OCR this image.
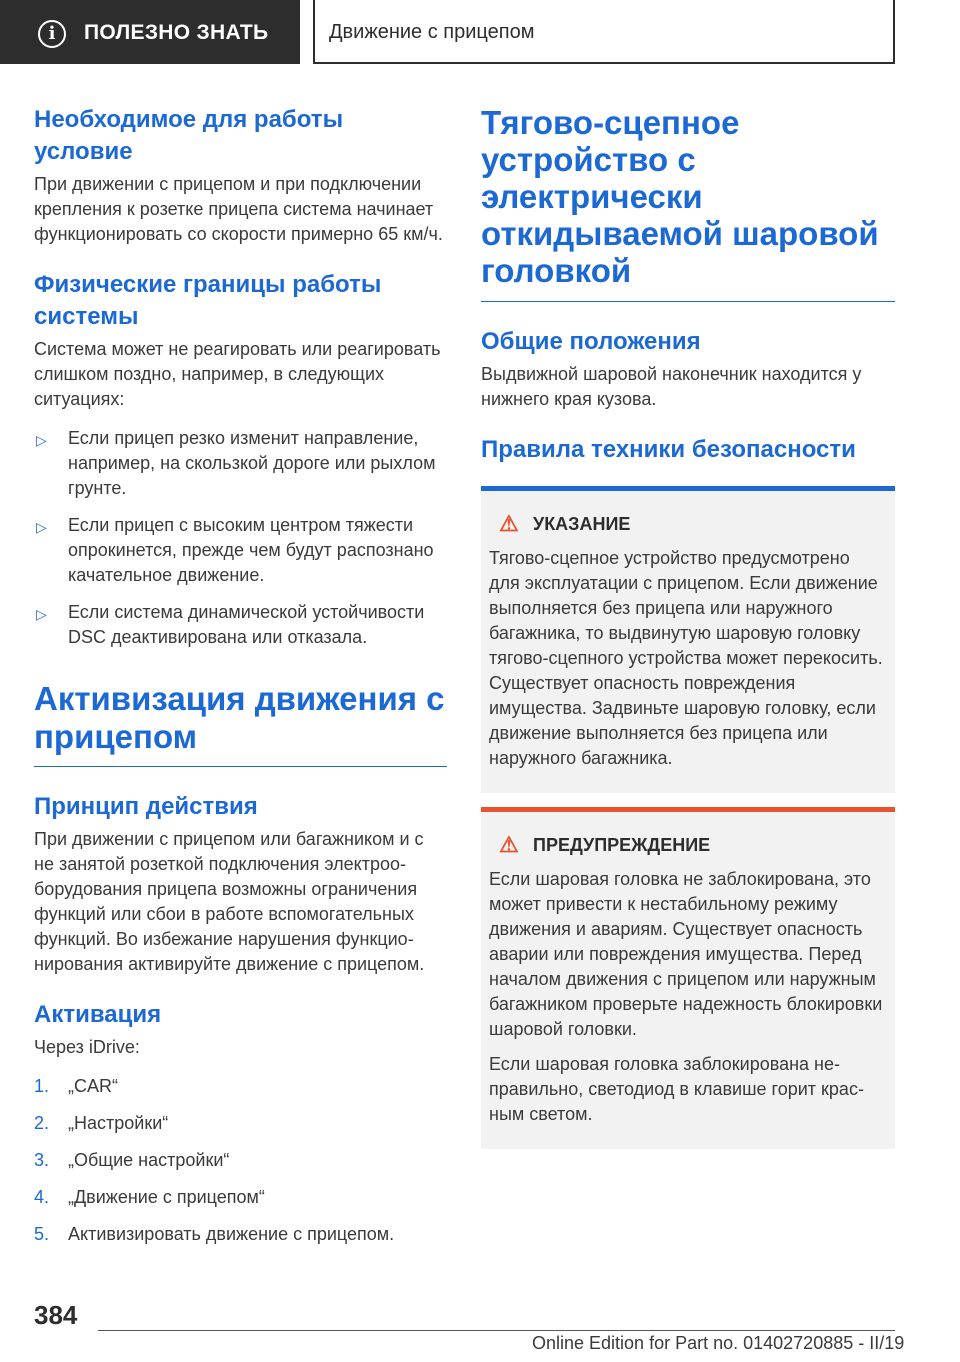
i	ПОЛЕЗНО ЗНАТЬ	Движение с прицепом
Необходимое для работы условие
При движении с прицепом и при подключении крепления к розетке прицепа система начинает функционировать со скорости примерно 65 км/ч.
Физические границы работы системы
Система может не реагировать или реагировать слишком поздно, например, в следующих ситуациях:
▷ Если прицеп резко изменит направление, например, на скользкой дороге или рыхлом грунте.
▷ Если прицеп с высоким центром тяжести опрокинется, прежде чем будут распознано качательное движение.
▷ Если система динамической устойчивости DSC деактивирована или отказала.
Активизация движения с прицепом
Принцип действия
При движении с прицепом или багажником и с не занятой розеткой подключения электрооборудования прицепа возможны ограничения функций или сбои в работе вспомогательных функций. Во избежание нарушения функционирования активируйте движение с прицепом.
Активация
Через iDrive:
1. „CAR“
2. „Настройки“
3. „Общие настройки“
4. „Движение с прицепом“
5. Активизировать движение с прицепом.
Тягово-сцепное устройство с электрически откидываемой шаровой головкой
Общие положения
Выдвижной шаровой наконечник находится у нижнего края кузова.
Правила техники безопасности
⚠ УКАЗАНИЕ
Тягово-сцепное устройство предусмотрено для эксплуатации с прицепом. Если движение выполняется без прицепа или наружного багажника, то выдвинутую шаровую головку тягово-сцепного устройства может перекосить. Существует опасность повреждения имущества. Задвиньте шаровую головку, если движение выполняется без прицепа или наружного багажника.
⚠ ПРЕДУПРЕЖДЕНИЕ
Если шаровая головка не заблокирована, это может привести к нестабильному режиму движения и авариям. Существует опасность аварии или повреждения имущества. Перед началом движения с прицепом или наружным багажником проверьте надежность блокировки шаровой головки.
Если шаровая головка заблокирована неправильно, светодиод в клавише горит красным светом.
384
Online Edition for Part no. 01402720885 - II/19
